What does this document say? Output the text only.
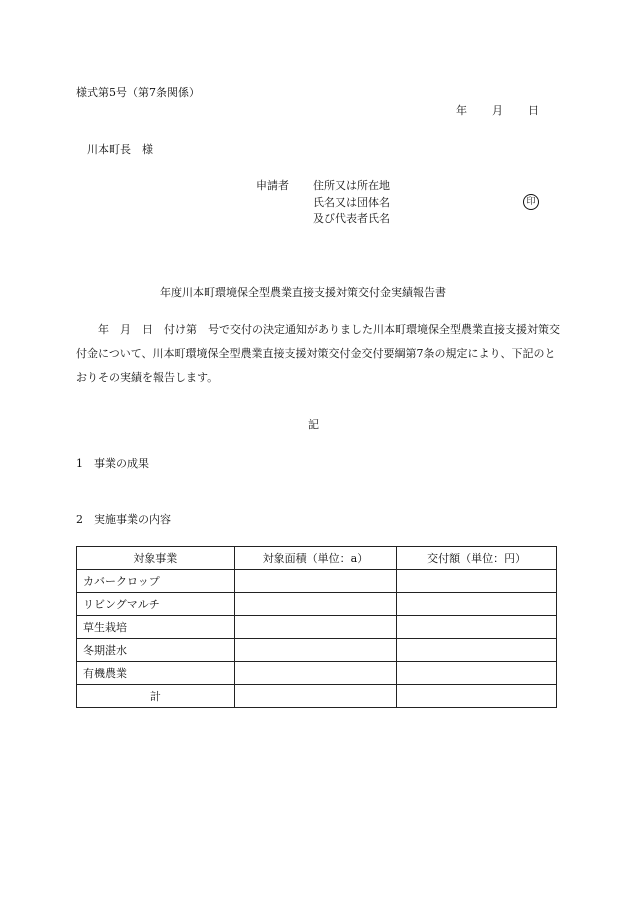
様式第5号（第7条関係）
年 月 日
川本町長　様
申請者 住所又は所在地
氏名又は団体名
及び代表者氏名
印
年度川本町環境保全型農業直接支援対策交付金実績報告書
　　年　月　日　付け第　号で交付の決定通知がありました川本町環境保全型農業直接支援対策交付金について、川本町環境保全型農業直接支援対策交付金交付要綱第7条の規定により、下記のとおりその実績を報告します。
記
1　事業の成果
2　実施事業の内容
対象事業	対象面積（単位：a）	交付額（単位：円）
カバークロップ		
リビングマルチ		
草生栽培		
冬期湛水		
有機農業		
計		
